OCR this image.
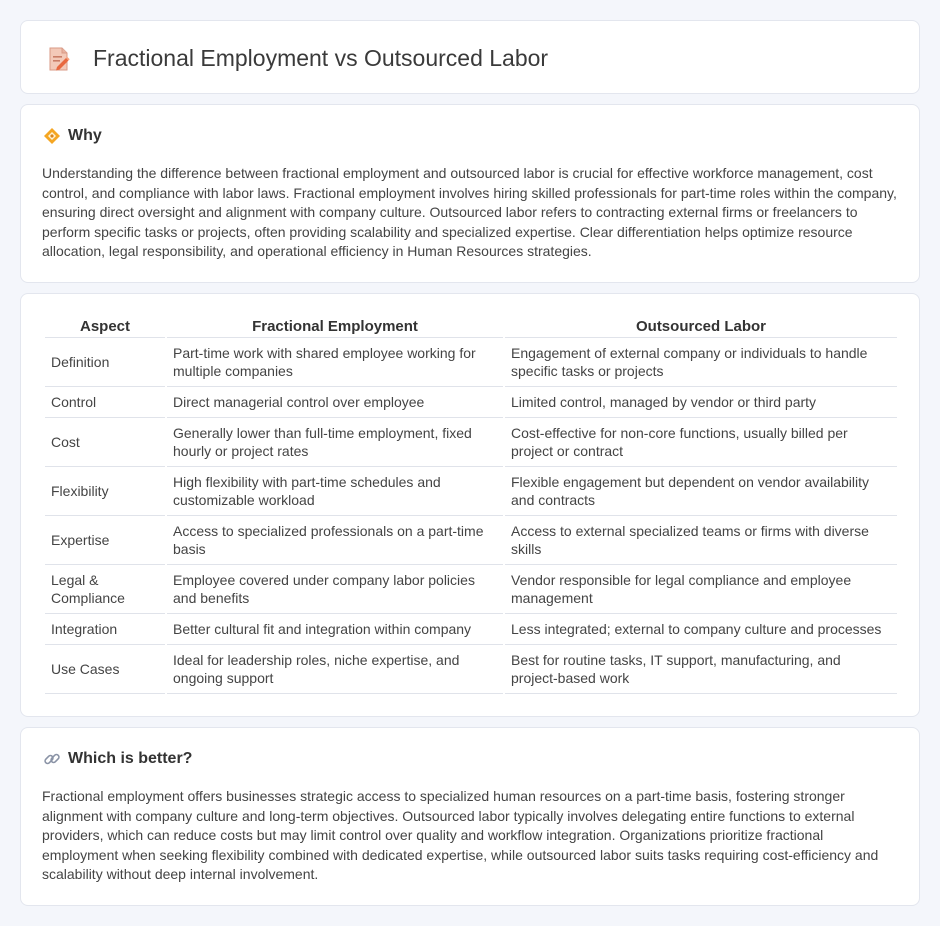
Fractional Employment vs Outsourced Labor
Why

Understanding the difference between fractional employment and outsourced labor is crucial for effective workforce management, cost control, and compliance with labor laws. Fractional employment involves hiring skilled professionals for part-time roles within the company, ensuring direct oversight and alignment with company culture. Outsourced labor refers to contracting external firms or freelancers to perform specific tasks or projects, often providing scalability and specialized expertise. Clear differentiation helps optimize resource allocation, legal responsibility, and operational efficiency in Human Resources strategies.

Aspect	Fractional Employment	Outsourced Labor
Definition	Part-time work with shared employee working for multiple companies	Engagement of external company or individuals to handle specific tasks or projects
Control	Direct managerial control over employee	Limited control, managed by vendor or third party
Cost	Generally lower than full-time employment, fixed hourly or project rates	Cost-effective for non-core functions, usually billed per project or contract
Flexibility	High flexibility with part-time schedules and customizable workload	Flexible engagement but dependent on vendor availability and contracts
Expertise	Access to specialized professionals on a part-time basis	Access to external specialized teams or firms with diverse skills
Legal & Compliance	Employee covered under company labor policies and benefits	Vendor responsible for legal compliance and employee management
Integration	Better cultural fit and integration within company	Less integrated; external to company culture and processes
Use Cases	Ideal for leadership roles, niche expertise, and ongoing support	Best for routine tasks, IT support, manufacturing, and project-based work
Which is better?

Fractional employment offers businesses strategic access to specialized human resources on a part-time basis, fostering stronger alignment with company culture and long-term objectives. Outsourced labor typically involves delegating entire functions to external providers, which can reduce costs but may limit control over quality and workflow integration. Organizations prioritize fractional employment when seeking flexibility combined with dedicated expertise, while outsourced labor suits tasks requiring cost-efficiency and scalability without deep internal involvement.
